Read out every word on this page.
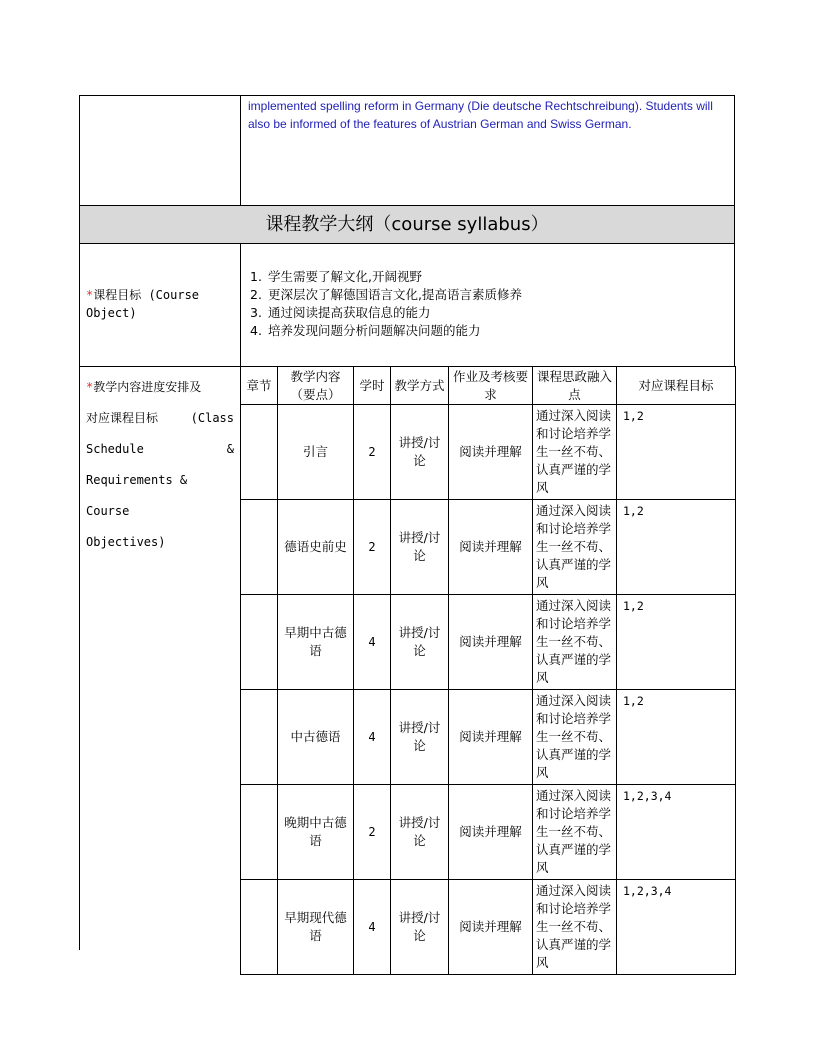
implemented spelling reform in Germany (Die deutsche Rechtschreibung). Students will also be informed of the features of Austrian German and Swiss German.
课程教学大纲（course syllabus）
*课程目标 (Course Object)
1. 学生需要了解文化,开阔视野
2. 更深层次了解德国语言文化,提高语言素质修养
3. 通过阅读提高获取信息的能力
4. 培养发现问题分析问题解决问题的能力
*教学内容进度安排及
对应课程目标	(Class
Schedule	&
Requirements & Course
Objectives)
章节	教学内容（要点）	学时	教学方式	作业及考核要求	课程思政融入点	对应课程目标
	引言	2	讲授/讨论	阅读并理解	通过深入阅读和讨论培养学生一丝不苟、认真严谨的学风	1,2
	德语史前史	2	讲授/讨论	阅读并理解	通过深入阅读和讨论培养学生一丝不苟、认真严谨的学风	1,2
	早期中古德语	4	讲授/讨论	阅读并理解	通过深入阅读和讨论培养学生一丝不苟、认真严谨的学风	1,2
	中古德语	4	讲授/讨论	阅读并理解	通过深入阅读和讨论培养学生一丝不苟、认真严谨的学风	1,2
	晚期中古德语	2	讲授/讨论	阅读并理解	通过深入阅读和讨论培养学生一丝不苟、认真严谨的学风	1,2,3,4
	早期现代德语	4	讲授/讨论	阅读并理解	通过深入阅读和讨论培养学生一丝不苟、认真严谨的学风	1,2,3,4
